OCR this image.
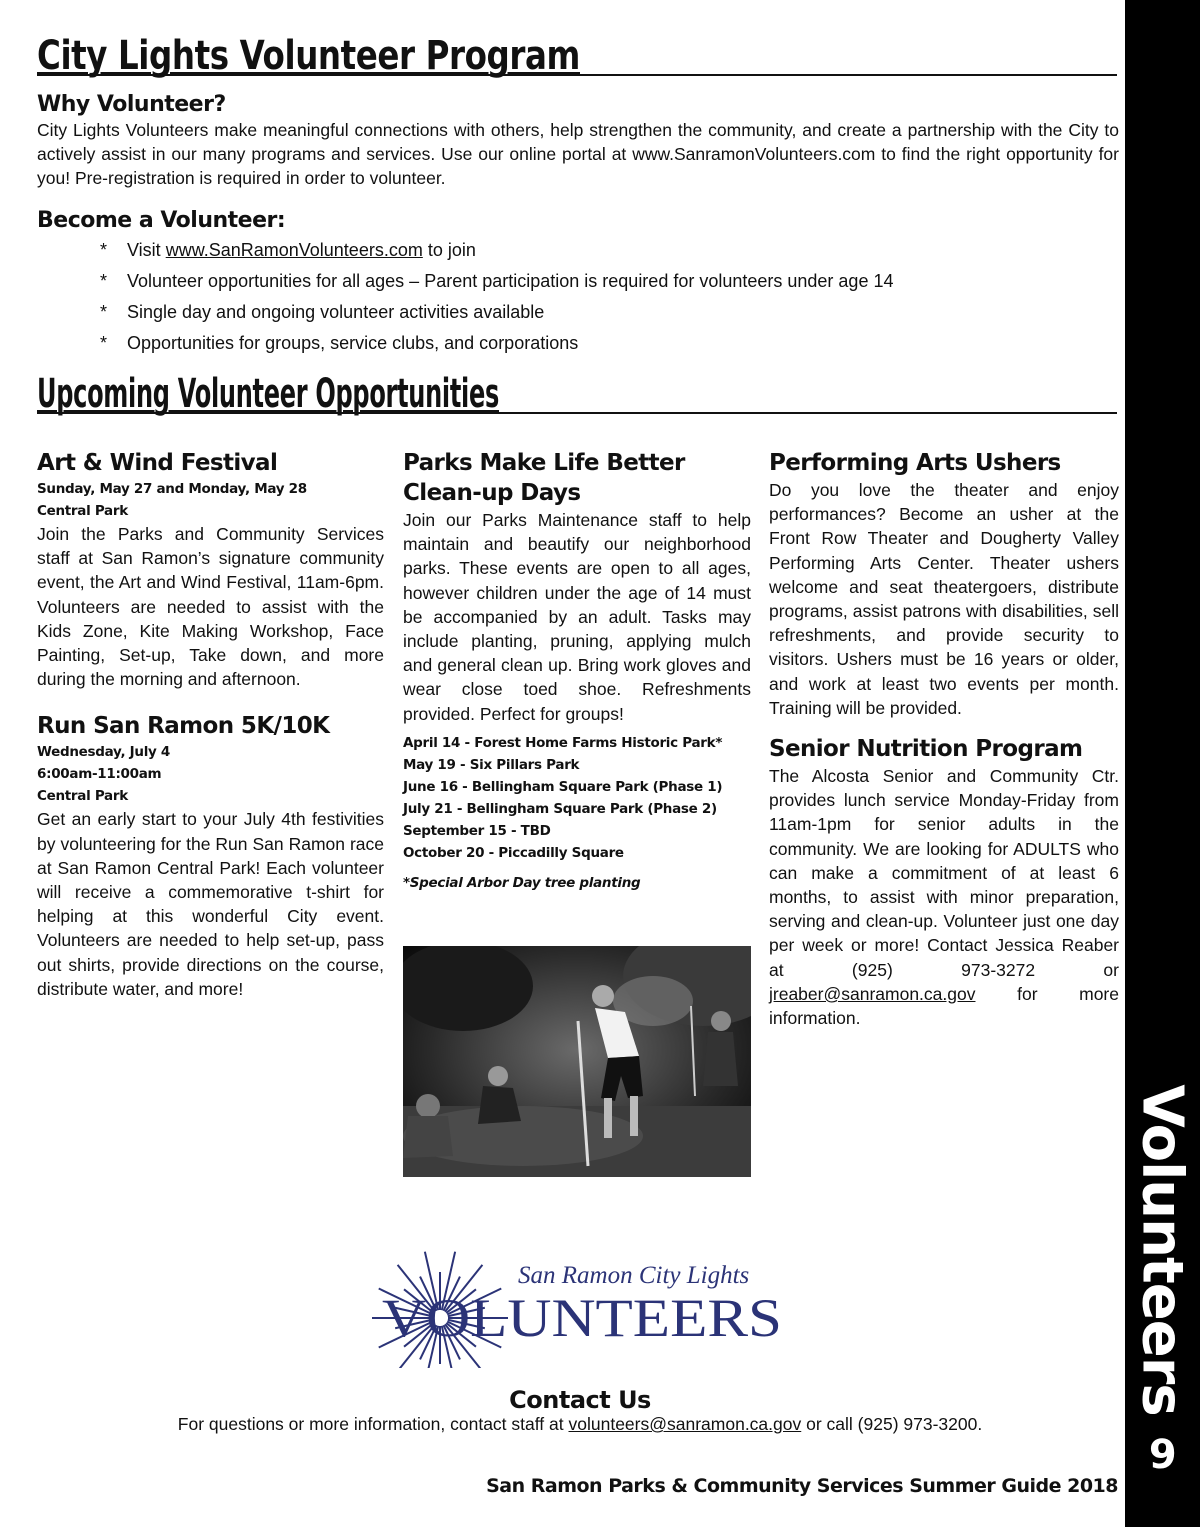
Volunteers
9
City Lights Volunteer Program
Why Volunteer?
City Lights Volunteers make meaningful connections with others, help strengthen the community, and create a partnership with the City to actively assist in our many programs and services. Use our online portal at www.SanramonVolunteers.com to find the right opportunity for you! Pre-registration is required in order to volunteer.
Become a Volunteer:
* Visit www.SanRamonVolunteers.com to join
* Volunteer opportunities for all ages – Parent participation is required for volunteers under age 14
* Single day and ongoing volunteer activities available
* Opportunities for groups, service clubs, and corporations
Upcoming Volunteer Opportunities
Art & Wind Festival
Sunday, May 27 and Monday, May 28
Central Park

Join the Parks and Community Services staff at San Ramon’s signature community event, the Art and Wind Festival, 11am-6pm. Volunteers are needed to assist with the Kids Zone, Kite Making Workshop, Face Painting, Set-up, Take down, and more during the morning and afternoon.

Run San Ramon 5K/10K
Wednesday, July 4
6:00am-11:00am
Central Park

Get an early start to your July 4th festivities by volunteering for the Run San Ramon race at San Ramon Central Park! Each volunteer will receive a commemorative t-shirt for helping at this wonderful City event. Volunteers are needed to help set-up, pass out shirts, provide directions on the course, distribute water, and more!

Parks Make Life Better Clean-up Days

Join our Parks Maintenance staff to help maintain and beautify our neighborhood parks. These events are open to all ages, however children under the age of 14 must be accompanied by an adult. Tasks may include planting, pruning, applying mulch and general clean up. Bring work gloves and wear close toed shoe. Refreshments provided. Perfect for groups!

April 14 - Forest Home Farms Historic Park*
May 19 - Six Pillars Park
June 16 - Bellingham Square Park (Phase 1)
July 21 - Bellingham Square Park (Phase 2)
September 15 - TBD
October 20 - Piccadilly Square
*Special Arbor Day tree planting
Performing Arts Ushers

Do you love the theater and enjoy performances? Become an usher at the Front Row Theater and Dougherty Valley Performing Arts Center. Theater ushers welcome and seat theatergoers, distribute programs, assist patrons with disabilities, sell refreshments, and provide security to visitors. Ushers must be 16 years or older, and work at least two events per month. Training will be provided.

Senior Nutrition Program

The Alcosta Senior and Community Ctr. provides lunch service Monday-Friday from 11am-1pm for senior adults in the community. We are looking for ADULTS who can make a commitment of at least 6 months, to assist with minor preparation, serving and clean-up. Volunteer just one day per week or more! Contact Jessica Reaber at (925) 973-3272 or jreaber@sanramon.ca.gov for more information.

San Ramon City Lights
VOLUNTEERS
Contact Us
For questions or more information, contact staff at volunteers@sanramon.ca.gov or call (925) 973-3200.
San Ramon Parks & Community Services Summer Guide 2018
